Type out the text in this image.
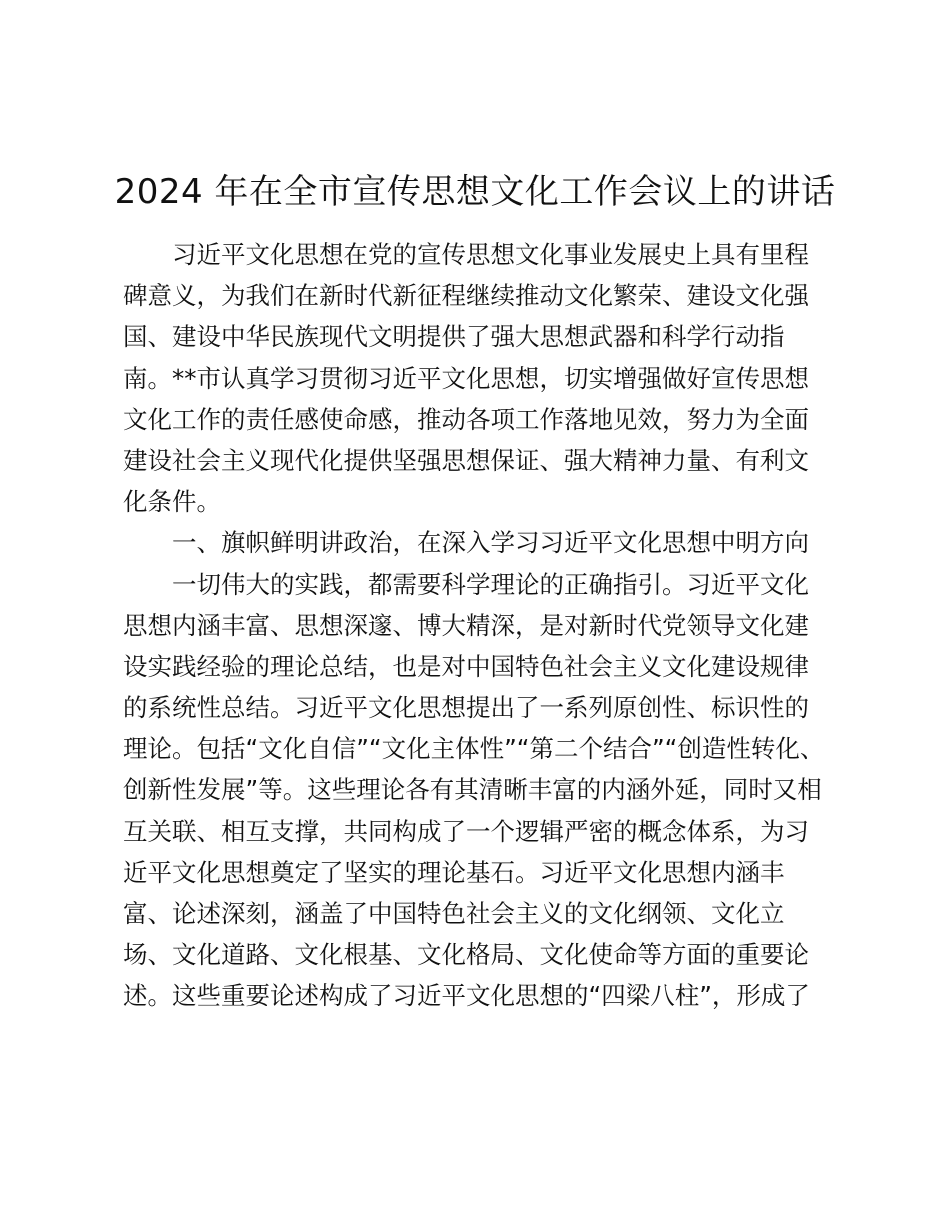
2024 年在全市宣传思想文化工作会议上的讲话
习近平文化思想在党的宣传思想文化事业发展史上具有里程
碑意义，为我们在新时代新征程继续推动文化繁荣、建设文化强
国、建设中华民族现代文明提供了强大思想武器和科学行动指
南。**市认真学习贯彻习近平文化思想，切实增强做好宣传思想
文化工作的责任感使命感，推动各项工作落地见效，努力为全面
建设社会主义现代化提供坚强思想保证、强大精神力量、有利文
化条件。
一、旗帜鲜明讲政治，在深入学习习近平文化思想中明方向
一切伟大的实践，都需要科学理论的正确指引。习近平文化
思想内涵丰富、思想深邃、博大精深，是对新时代党领导文化建
设实践经验的理论总结，也是对中国特色社会主义文化建设规律
的系统性总结。习近平文化思想提出了一系列原创性、标识性的
理论。包括“文化自信”“文化主体性”“第二个结合”“创造性转化、
创新性发展”等。这些理论各有其清晰丰富的内涵外延，同时又相
互关联、相互支撑，共同构成了一个逻辑严密的概念体系，为习
近平文化思想奠定了坚实的理论基石。习近平文化思想内涵丰
富、论述深刻，涵盖了中国特色社会主义的文化纲领、文化立
场、文化道路、文化根基、文化格局、文化使命等方面的重要论
述。这些重要论述构成了习近平文化思想的“四梁八柱”，形成了
